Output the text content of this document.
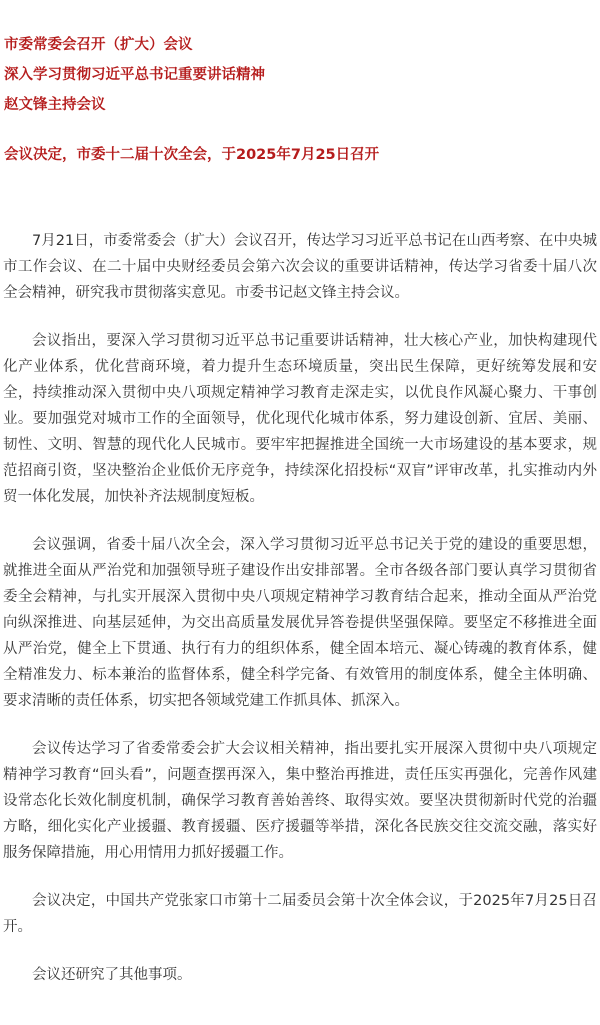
市委常委会召开（扩大）会议

深入学习贯彻习近平总书记重要讲话精神

赵文锋主持会议

会议决定，市委十二届十次全会，于2025年7月25日召开

7月21日，市委常委会（扩大）会议召开，传达学习习近平总书记在山西考察、在中央城市工作会议、在二十届中央财经委员会第六次会议的重要讲话精神，传达学习省委十届八次全会精神，研究我市贯彻落实意见。市委书记赵文锋主持会议。

会议指出，要深入学习贯彻习近平总书记重要讲话精神，壮大核心产业，加快构建现代化产业体系，优化营商环境，着力提升生态环境质量，突出民生保障，更好统筹发展和安全，持续推动深入贯彻中央八项规定精神学习教育走深走实，以优良作风凝心聚力、干事创业。要加强党对城市工作的全面领导，优化现代化城市体系，努力建设创新、宜居、美丽、韧性、文明、智慧的现代化人民城市。要牢牢把握推进全国统一大市场建设的基本要求，规范招商引资，坚决整治企业低价无序竞争，持续深化招投标“双盲”评审改革，扎实推动内外贸一体化发展，加快补齐法规制度短板。

会议强调，省委十届八次全会，深入学习贯彻习近平总书记关于党的建设的重要思想，就推进全面从严治党和加强领导班子建设作出安排部署。全市各级各部门要认真学习贯彻省委全会精神，与扎实开展深入贯彻中央八项规定精神学习教育结合起来，推动全面从严治党向纵深推进、向基层延伸，为交出高质量发展优异答卷提供坚强保障。要坚定不移推进全面从严治党，健全上下贯通、执行有力的组织体系，健全固本培元、凝心铸魂的教育体系，健全精准发力、标本兼治的监督体系，健全科学完备、有效管用的制度体系，健全主体明确、要求清晰的责任体系，切实把各领域党建工作抓具体、抓深入。

会议传达学习了省委常委会扩大会议相关精神，指出要扎实开展深入贯彻中央八项规定精神学习教育“回头看”，问题查摆再深入，集中整治再推进，责任压实再强化，完善作风建设常态化长效化制度机制，确保学习教育善始善终、取得实效。要坚决贯彻新时代党的治疆方略，细化实化产业援疆、教育援疆、医疗援疆等举措，深化各民族交往交流交融，落实好服务保障措施，用心用情用力抓好援疆工作。

会议决定，中国共产党张家口市第十二届委员会第十次全体会议，于2025年7月25日召开。

会议还研究了其他事项。
